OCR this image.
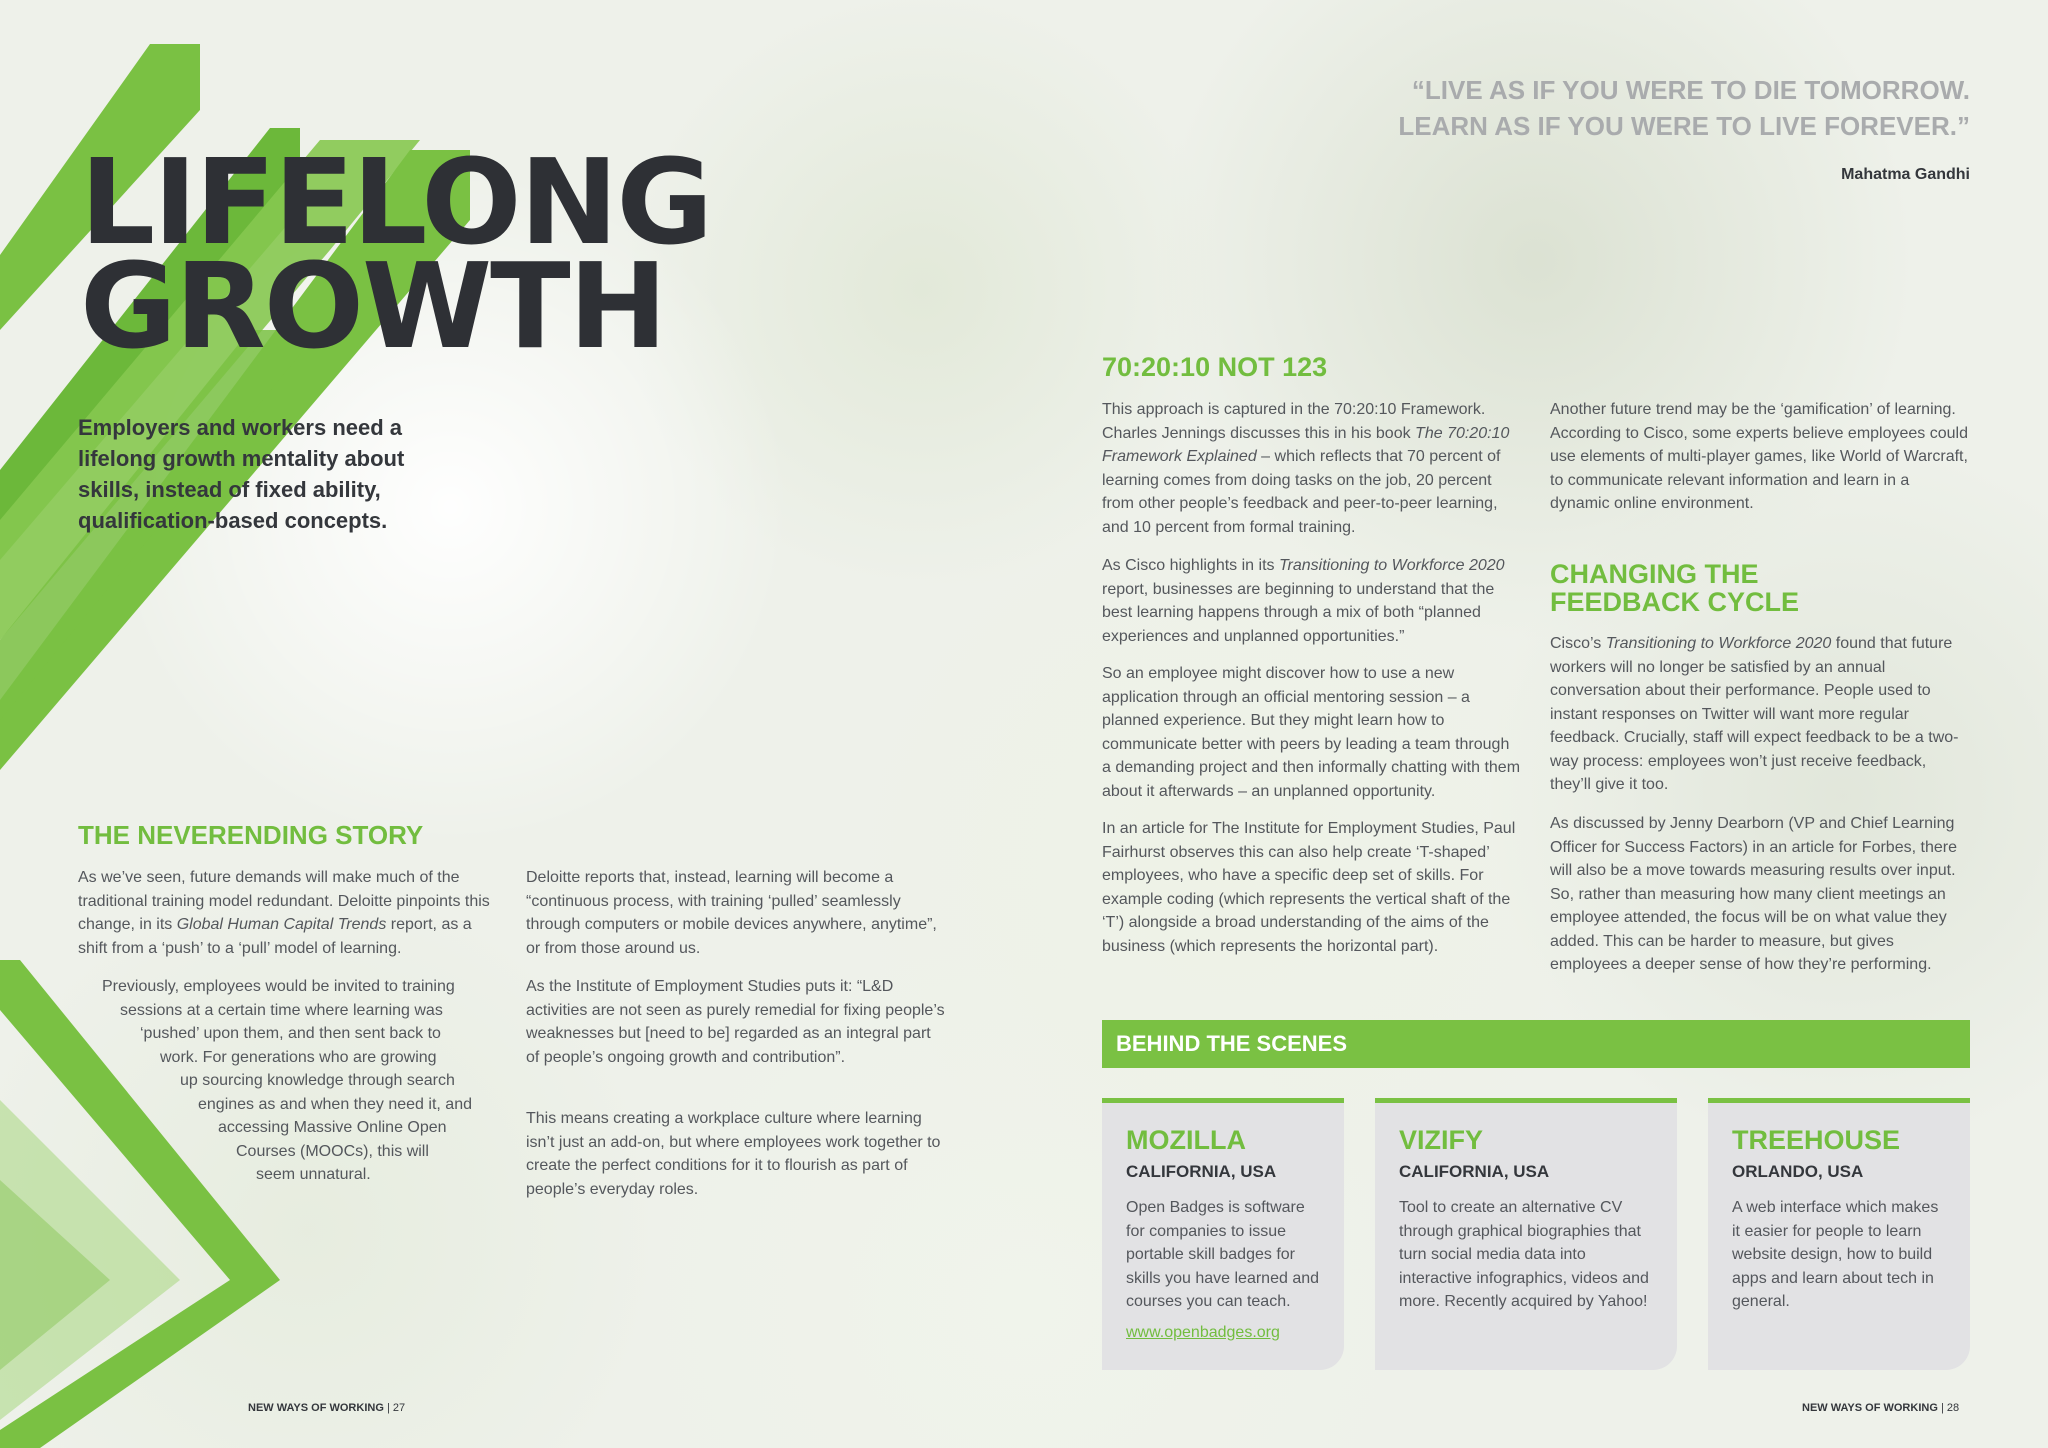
LIFELONG
GROWTH

Employers and workers need a lifelong growth mentality about skills, instead of fixed ability, qualification-based concepts.

THE NEVERENDING STORY

As we’ve seen, future demands will make much of the traditional training model redundant. Deloitte pinpoints this change, in its Global Human Capital Trends report, as a shift from a ‘push’ to a ‘pull’ model of learning.

Previously, employees would be invited to training
sessions at a certain time where learning was
‘pushed’ upon them, and then sent back to
work. For generations who are growing
up sourcing knowledge through search
engines as and when they need it, and
accessing Massive Online Open
Courses (MOOCs), this will
seem unnatural.

Deloitte reports that, instead, learning will become a “continuous process, with training ‘pulled’ seamlessly through computers or mobile devices anywhere, anytime”, or from those around us.

As the Institute of Employment Studies puts it: “L&D activities are not seen as purely remedial for fixing people’s weaknesses but [need to be] regarded as an integral part of people’s ongoing growth and contribution”.

This means creating a workplace culture where learning isn’t just an add-on, but where employees work together to create the perfect conditions for it to flourish as part of people’s everyday roles.

NEW WAYS OF WORKING | 27

“LIVE AS IF YOU WERE TO DIE TOMORROW. LEARN AS IF YOU WERE TO LIVE FOREVER.”

Mahatma Gandhi

70:20:10 NOT 123

This approach is captured in the 70:20:10 Framework. Charles Jennings discusses this in his book The 70:20:10 Framework Explained – which reflects that 70 percent of learning comes from doing tasks on the job, 20 percent from other people’s feedback and peer-to-peer learning, and 10 percent from formal training.

As Cisco highlights in its Transitioning to Workforce 2020 report, businesses are beginning to understand that the best learning happens through a mix of both “planned experiences and unplanned opportunities.”

So an employee might discover how to use a new application through an official mentoring session – a planned experience. But they might learn how to communicate better with peers by leading a team through a demanding project and then informally chatting with them about it afterwards – an unplanned opportunity.

In an article for The Institute for Employment Studies, Paul Fairhurst observes this can also help create ‘T-shaped’ employees, who have a specific deep set of skills. For example coding (which represents the vertical shaft of the ‘T’) alongside a broad understanding of the aims of the business (which represents the horizontal part).

Another future trend may be the ‘gamification’ of learning. According to Cisco, some experts believe employees could use elements of multi-player games, like World of Warcraft, to communicate relevant information and learn in a dynamic online environment.

CHANGING THE
FEEDBACK CYCLE

Cisco’s Transitioning to Workforce 2020 found that future workers will no longer be satisfied by an annual conversation about their performance. People used to instant responses on Twitter will want more regular feedback. Crucially, staff will expect feedback to be a two-way process: employees won’t just receive feedback, they’ll give it too.

As discussed by Jenny Dearborn (VP and Chief Learning Officer for Success Factors) in an article for Forbes, there will also be a move towards measuring results over input. So, rather than measuring how many client meetings an employee attended, the focus will be on what value they added. This can be harder to measure, but gives employees a deeper sense of how they’re performing.

BEHIND THE SCENES
MOZILLA
CALIFORNIA, USA

Open Badges is software for companies to issue portable skill badges for skills you have learned and courses you can teach.

www.openbadges.org
VIZIFY
CALIFORNIA, USA

Tool to create an alternative CV through graphical biographies that turn social media data into interactive infographics, videos and more. Recently acquired by Yahoo!

TREEHOUSE
ORLANDO, USA

A web interface which makes it easier for people to learn website design, how to build apps and learn about tech in general.

NEW WAYS OF WORKING | 28
